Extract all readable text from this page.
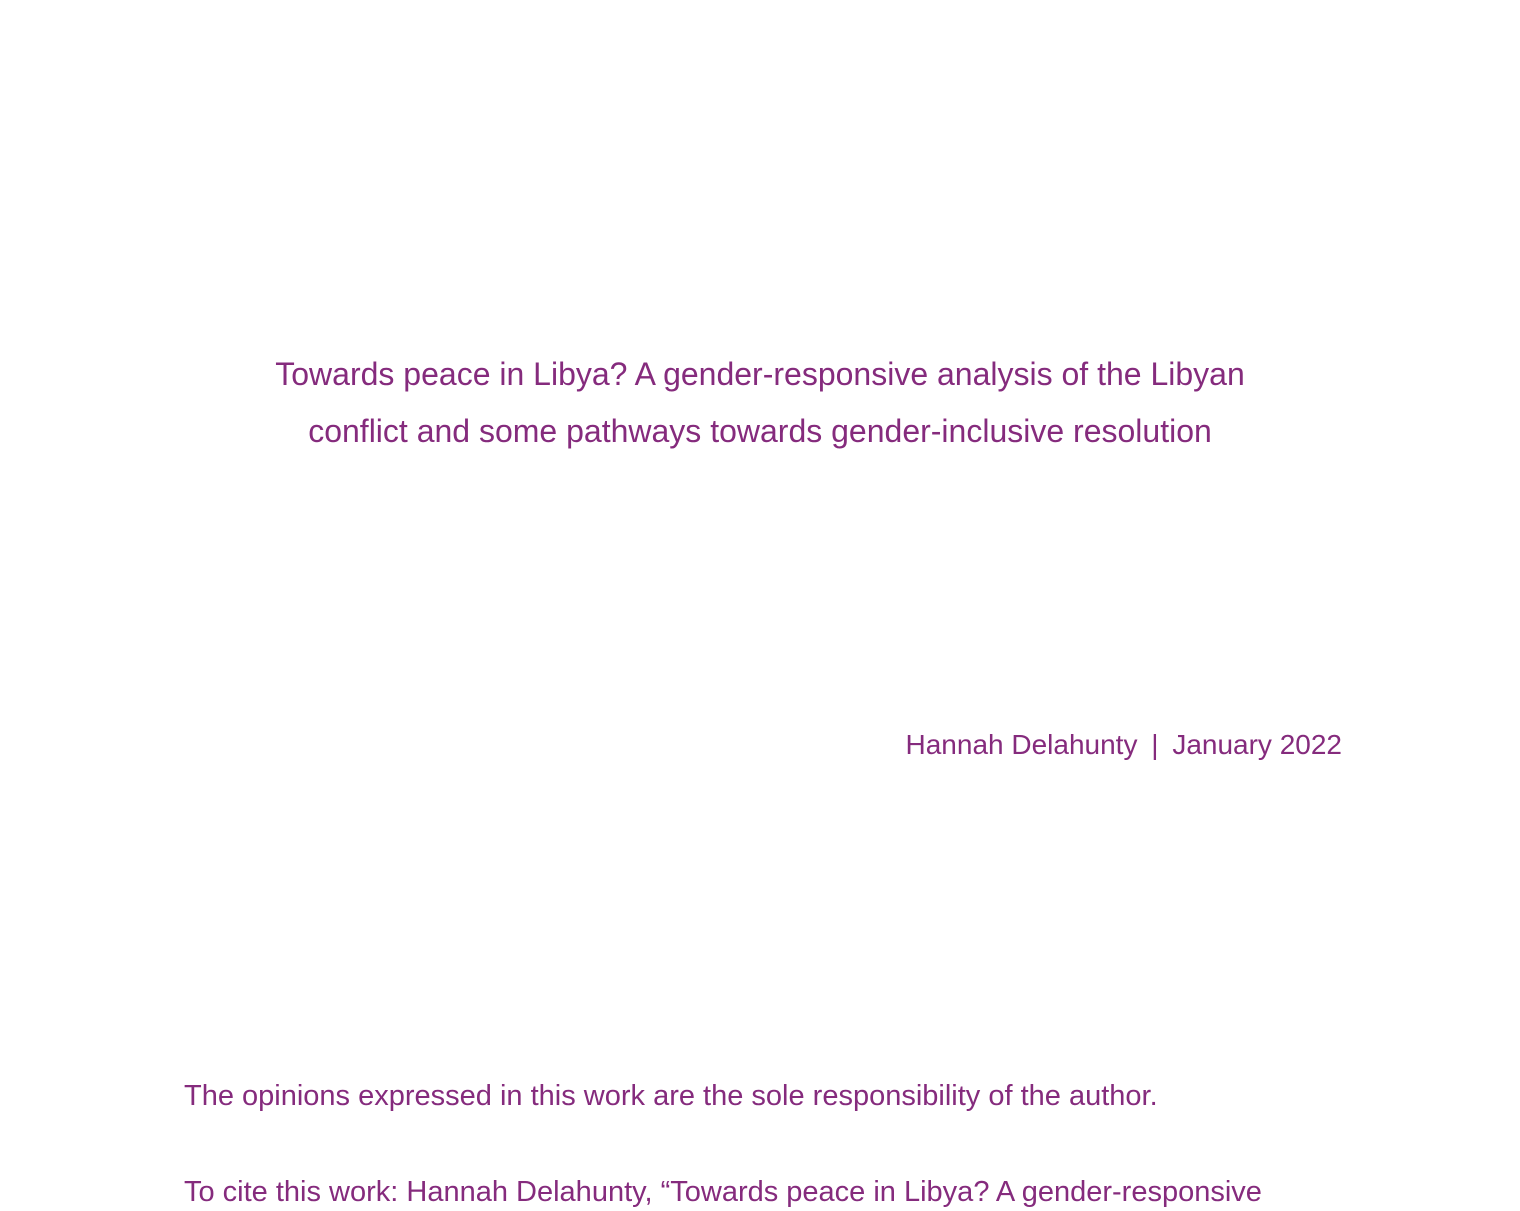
Towards peace in Libya? A gender-responsive analysis of the Libyan
conflict and some pathways towards gender-inclusive resolution
Hannah Delahunty | January 2022
The opinions expressed in this work are the sole responsibility of the author.
To cite this work: Hannah Delahunty, “Towards peace in Libya? A gender-responsive
